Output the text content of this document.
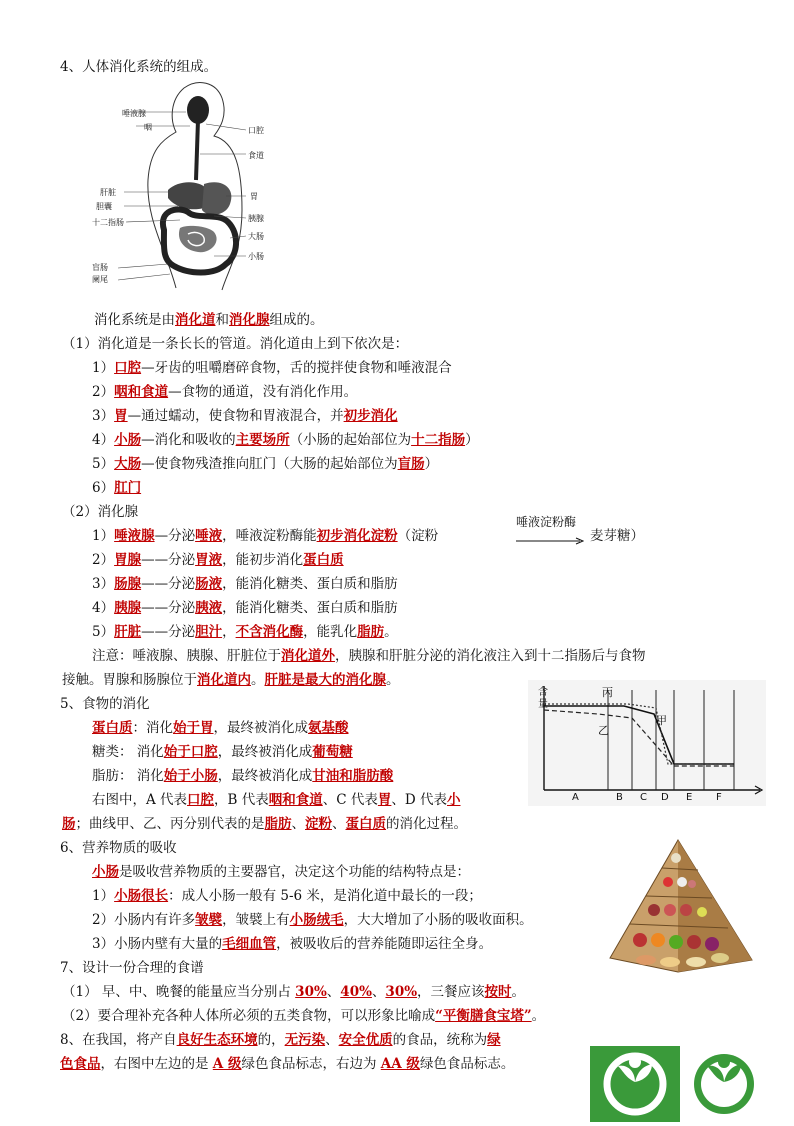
4、人体消化系统的组成。
唾液腺
咽	口腔
食道
肝脏	胃
胆囊
胰腺
十二指肠
大肠
小肠
盲肠
阑尾
消化系统是由消化道和消化腺组成的。
（1）消化道是一条长长的管道。消化道由上到下依次是：
1）口腔—牙齿的咀嚼磨碎食物，舌的搅拌使食物和唾液混合
2）咽和食道—食物的通道，没有消化作用。
3）胃—通过蠕动，使食物和胃液混合，并初步消化
4）小肠—消化和吸收的主要场所（小肠的起始部位为十二指肠）
5）大肠—使食物残渣推向肛门（大肠的起始部位为盲肠）
6）肛门
（2）消化腺
1）唾液腺—分泌唾液，唾液淀粉酶能初步消化淀粉（淀粉
唾液淀粉酶
麦芽糖）
2）胃腺——分泌胃液，能初步消化蛋白质
3）肠腺——分泌肠液，能消化糖类、蛋白质和脂肪
4）胰腺——分泌胰液，能消化糖类、蛋白质和脂肪
5）肝脏——分泌胆汁，不含消化酶，能乳化脂肪。
注意：唾液腺、胰腺、肝脏位于消化道外，胰腺和肝脏分泌的消化液注入到十二指肠后与食物
接触。胃腺和肠腺位于消化道内。肝脏是最大的消化腺。
5、食物的消化
蛋白质：消化始于胃，最终被消化成氨基酸
糖类： 消化始于口腔，最终被消化成葡萄糖
脂肪： 消化始于小肠，最终被消化成甘油和脂肪酸
右图中，A 代表口腔，B 代表咽和食道、C 代表胃、D 代表小
肠；曲线甲、乙、丙分别代表的是脂肪、淀粉、蛋白质的消化过程。
含
量
丙
乙
甲
A	B C D E F
6、营养物质的吸收
小肠是吸收营养物质的主要器官，决定这个功能的结构特点是：
1）小肠很长：成人小肠一般有 5-6 米，是消化道中最长的一段；
2）小肠内有许多皱襞，皱襞上有小肠绒毛，大大增加了小肠的吸收面积。
3）小肠内壁有大量的毛细血管，被吸收后的营养能随即运往全身。
7、设计一份合理的食谱
（1） 早、中、晚餐的能量应当分别占 30%、40%、30%，三餐应该按时。
（2）要合理补充各种人体所必须的五类食物，可以形象比喻成“平衡膳食宝塔”。
8、在我国，将产自良好生态环境的，无污染、安全优质的食品，统称为绿
色食品，右图中左边的是 A 级绿色食品标志，右边为 AA 级绿色食品标志。
